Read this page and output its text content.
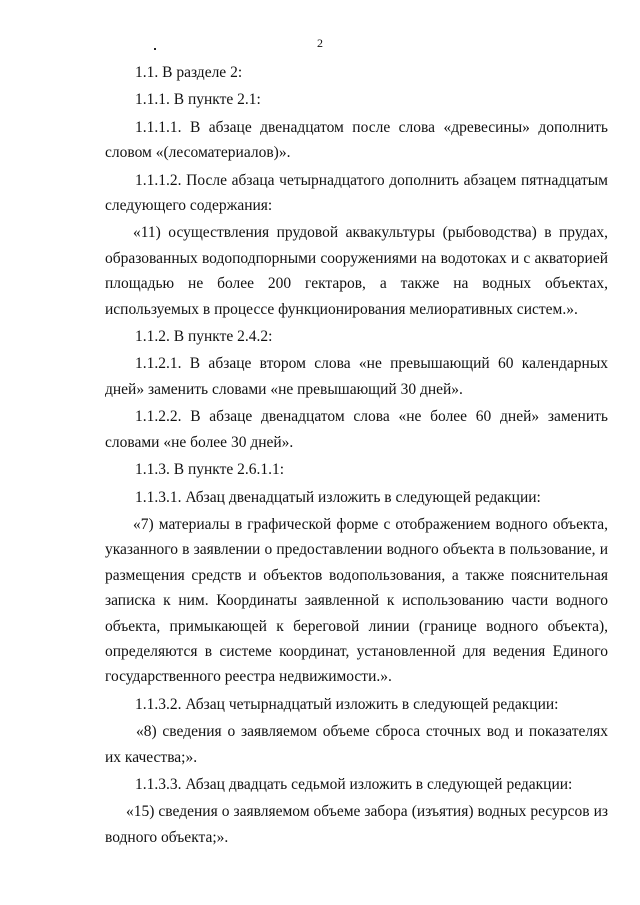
2

1.1. В разделе 2:

1.1.1. В пункте 2.1:

1.1.1.1. В абзаце двенадцатом после слова «древесины» дополнить словом «(лесоматериалов)».

1.1.1.2. После абзаца четырнадцатого дополнить абзацем пятнадцатым следующего содержания:

«11) осуществления прудовой аквакультуры (рыбоводства) в прудах, образованных водоподпорными сооружениями на водотоках и с акваторией площадью не более 200 гектаров, а также на водных объектах, используемых в процессе функционирования мелиоративных систем.».

1.1.2. В пункте 2.4.2:

1.1.2.1. В абзаце втором слова «не превышающий 60 календарных дней» заменить словами «не превышающий 30 дней».

1.1.2.2. В абзаце двенадцатом слова «не более 60 дней» заменить словами «не более 30 дней».

1.1.3. В пункте 2.6.1.1:

1.1.3.1. Абзац двенадцатый изложить в следующей редакции:

«7) материалы в графической форме с отображением водного объекта, указанного в заявлении о предоставлении водного объекта в пользование, и размещения средств и объектов водопользования, а также пояснительная записка к ним. Координаты заявленной к использованию части водного объекта, примыкающей к береговой линии (границе водного объекта), определяются в системе координат, установленной для ведения Единого государственного реестра недвижимости.».

1.1.3.2. Абзац четырнадцатый изложить в следующей редакции:

«8) сведения о заявляемом объеме сброса сточных вод и показателях их качества;».

1.1.3.3. Абзац двадцать седьмой изложить в следующей редакции:

«15) сведения о заявляемом объеме забора (изъятия) водных ресурсов из водного объекта;».
